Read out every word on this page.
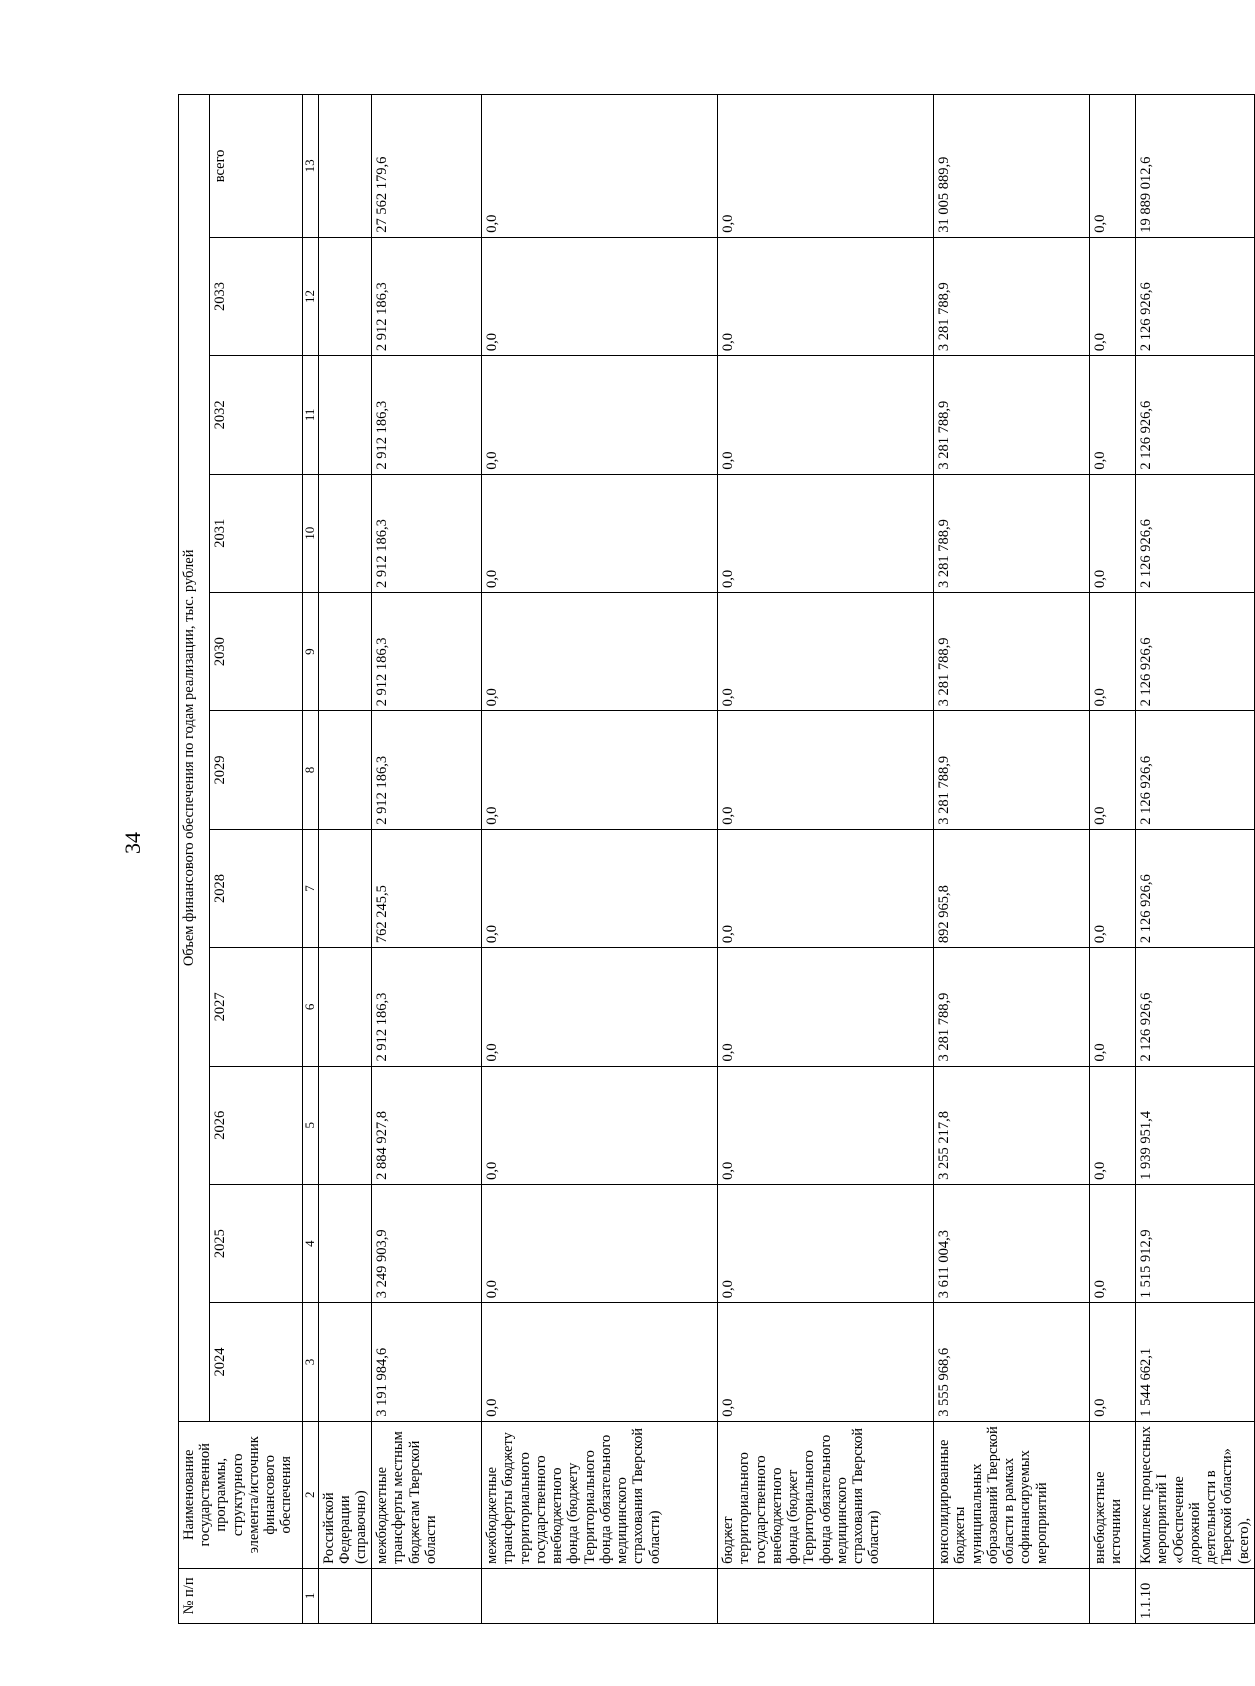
34
№ п/п	Наименование государственной программы, структурного элемента/источник финансового обеспечения	Объем финансового обеспечения по годам реализации, тыс. рублей										
		2024	2025	2026	2027	2028	2029	2030	2031	2032	2033	всего
1	2	3	4	5	6	7	8	9	10	11	12	13
	Российской Федерации (справочно)											
	межбюджетные трансферты местным бюджетам Тверской области	3 191 984,6	3 249 903,9	2 884 927,8	2 912 186,3	762 245,5	2 912 186,3	2 912 186,3	2 912 186,3	2 912 186,3	2 912 186,3	27 562 179,6
	межбюджетные трансферты бюджету территориального государственного внебюджетного фонда (бюджету Территориального фонда обязательного медицинского страхования Тверской области)	0,0	0,0	0,0	0,0	0,0	0,0	0,0	0,0	0,0	0,0	0,0
	бюджет территориального государственного внебюджетного фонда (бюджет Территориального фонда обязательного медицинского страхования Тверской области)	0,0	0,0	0,0	0,0	0,0	0,0	0,0	0,0	0,0	0,0	0,0
	консолидированные бюджеты муниципальных образований Тверской области в рамках софинансируемых мероприятий	3 555 968,6	3 611 004,3	3 255 217,8	3 281 788,9	892 965,8	3 281 788,9	3 281 788,9	3 281 788,9	3 281 788,9	3 281 788,9	31 005 889,9
	внебюджетные источники	0,0	0,0	0,0	0,0	0,0	0,0	0,0	0,0	0,0	0,0	0,0
1.1.10	Комплекс процессных мероприятий I «Обеспечение дорожной деятельности в Тверской области» (всего),	1 544 662,1	1 515 912,9	1 939 951,4	2 126 926,6	2 126 926,6	2 126 926,6	2 126 926,6	2 126 926,6	2 126 926,6	2 126 926,6	19 889 012,6
